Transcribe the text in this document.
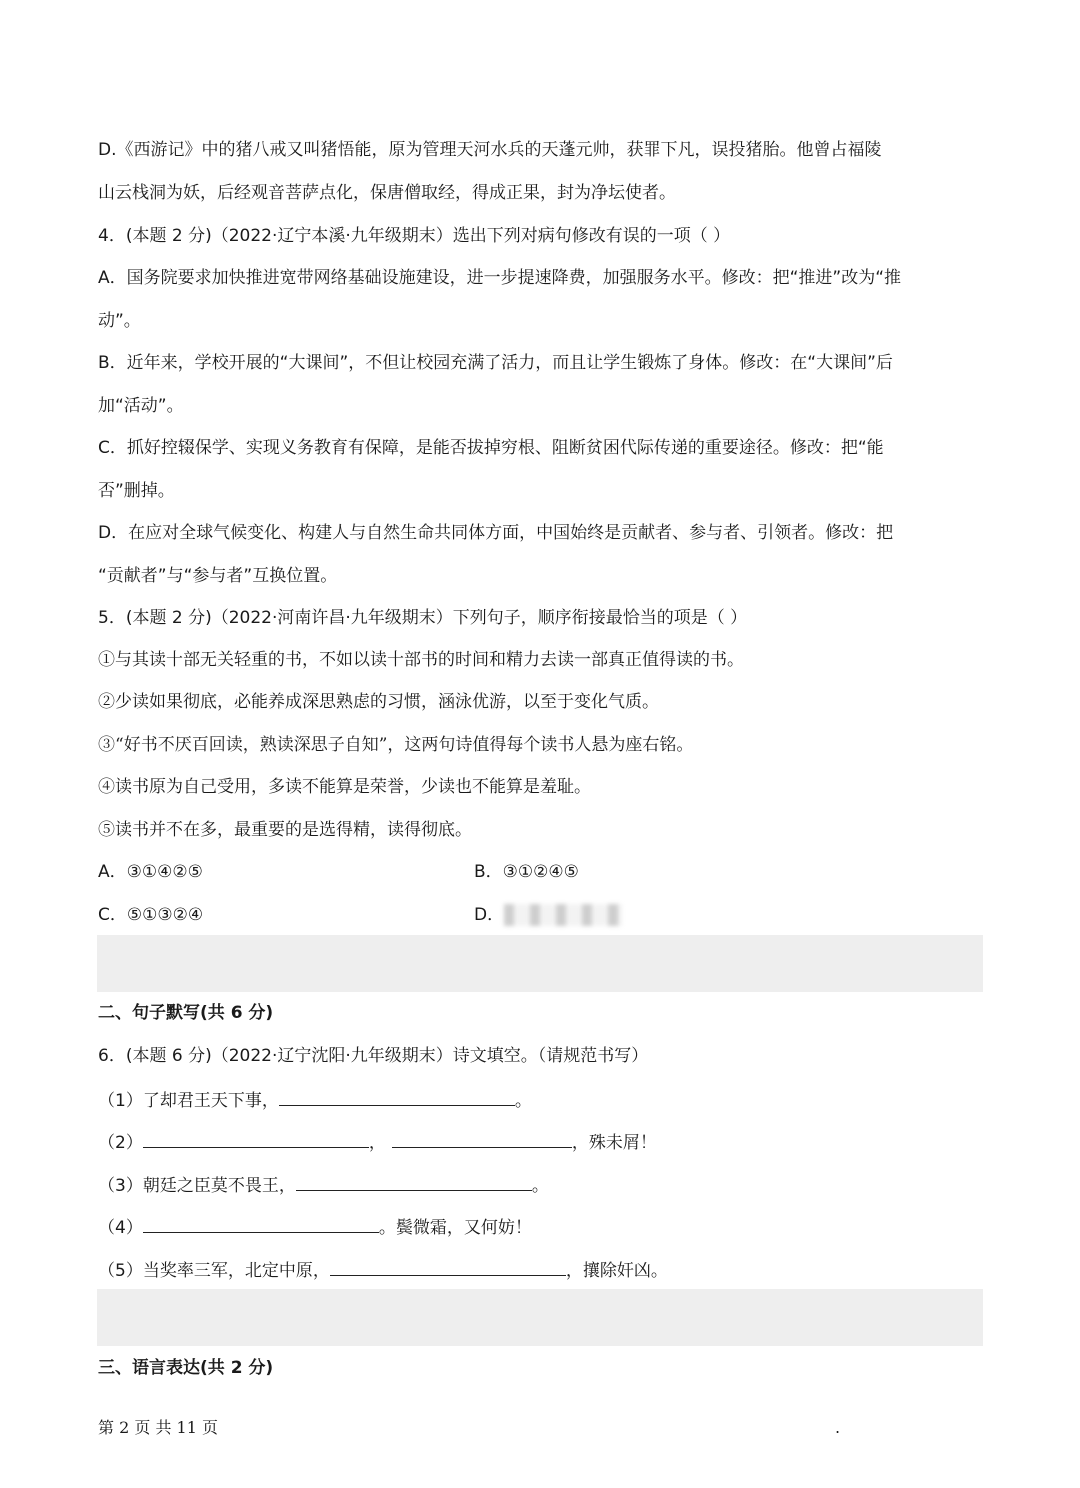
D.《西游记》中的猪八戒又叫猪悟能，原为管理天河水兵的天蓬元帅，获罪下凡，误投猪胎。他曾占福陵
山云栈洞为妖，后经观音菩萨点化，保唐僧取经，得成正果，封为净坛使者。
4．(本题 2 分)（2022·辽宁本溪·九年级期末）选出下列对病句修改有误的一项（ ）
A．国务院要求加快推进宽带网络基础设施建设，进一步提速降费，加强服务水平。修改：把“推进”改为“推
动”。
B．近年来，学校开展的“大课间”，不但让校园充满了活力，而且让学生锻炼了身体。修改：在“大课间”后
加“活动”。
C．抓好控辍保学、实现义务教育有保障，是能否拔掉穷根、阻断贫困代际传递的重要途径。修改：把“能
否”删掉。
D．在应对全球气候变化、构建人与自然生命共同体方面，中国始终是贡献者、参与者、引领者。修改：把
“贡献者”与“参与者”互换位置。
5．(本题 2 分)（2022·河南许昌·九年级期末）下列句子，顺序衔接最恰当的项是（ ）
①与其读十部无关轻重的书，不如以读十部书的时间和精力去读一部真正值得读的书。
②少读如果彻底，必能养成深思熟虑的习惯，涵泳优游，以至于变化气质。
③“好书不厌百回读，熟读深思子自知”，这两句诗值得每个读书人悬为座右铭。
④读书原为自己受用，多读不能算是荣誉，少读也不能算是羞耻。
⑤读书并不在多，最重要的是选得精，读得彻底。
A．③①④②⑤	B．③①②④⑤
C．⑤①③②④	D．
二、句子默写(共 6 分)
6．(本题 6 分)（2022·辽宁沈阳·九年级期末）诗文填空。（请规范书写）
（1）了却君王天下事，	。
（2）	，	，殊未屑！
（3）朝廷之臣莫不畏王，	。
（4）	。鬓微霜，又何妨！
（5）当奖率三军，北定中原，	，攘除奸凶。
三、语言表达(共 2 分)
第 2 页 共 11 页	.
